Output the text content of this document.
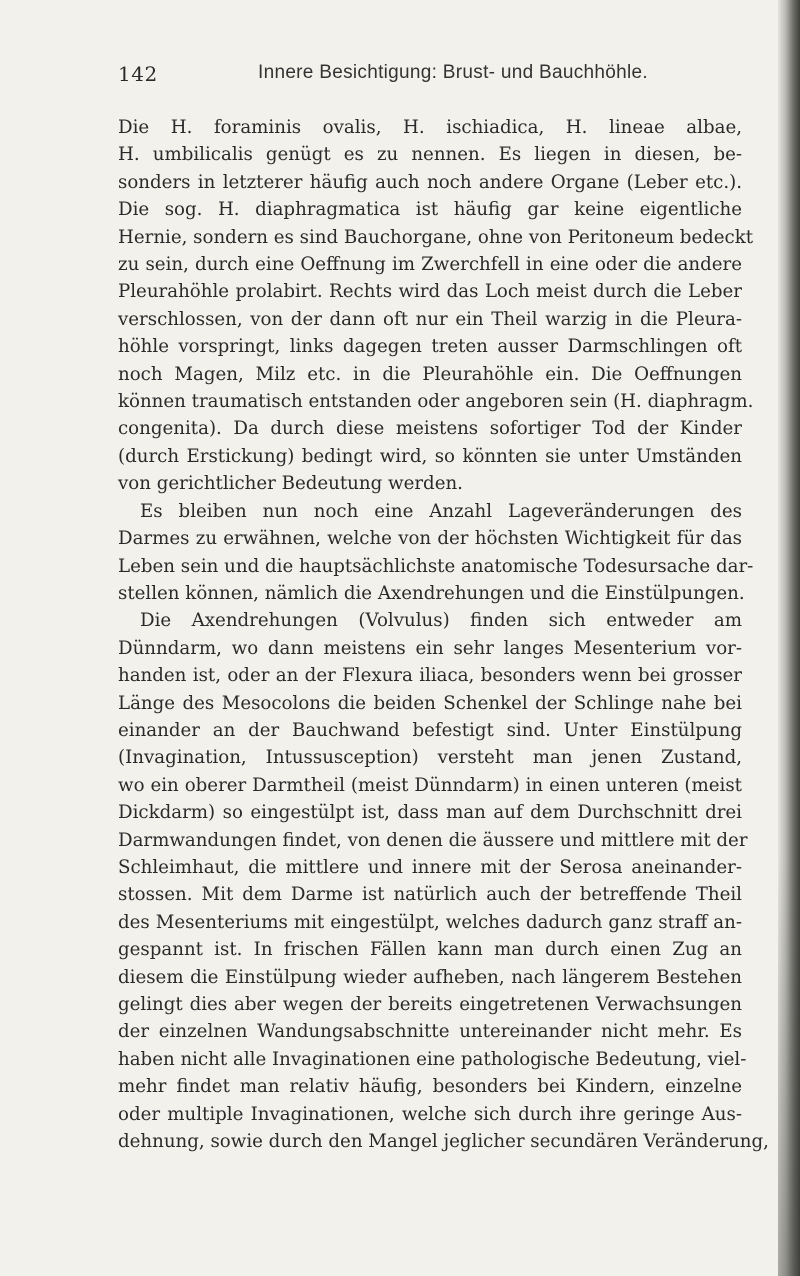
142	Innere Besichtigung: Brust- und Bauchhöhle.
Die H. foraminis ovalis, H. ischiadica, H. lineae albae,
H. umbilicalis genügt es zu nennen. Es liegen in diesen, be-
sonders in letzterer häufig auch noch andere Organe (Leber etc.).
Die sog. H. diaphragmatica ist häufig gar keine eigentliche
Hernie, sondern es sind Bauchorgane, ohne von Peritoneum bedeckt
zu sein, durch eine Oeffnung im Zwerchfell in eine oder die andere
Pleurahöhle prolabirt. Rechts wird das Loch meist durch die Leber
verschlossen, von der dann oft nur ein Theil warzig in die Pleura-
höhle vorspringt, links dagegen treten ausser Darmschlingen oft
noch Magen, Milz etc. in die Pleurahöhle ein. Die Oeffnungen
können traumatisch entstanden oder angeboren sein (H. diaphragm.
congenita). Da durch diese meistens sofortiger Tod der Kinder
(durch Erstickung) bedingt wird, so könnten sie unter Umständen
von gerichtlicher Bedeutung werden.
Es bleiben nun noch eine Anzahl Lageveränderungen des
Darmes zu erwähnen, welche von der höchsten Wichtigkeit für das
Leben sein und die hauptsächlichste anatomische Todesursache dar-
stellen können, nämlich die Axendrehungen und die Einstülpungen.
Die Axendrehungen (Volvulus) finden sich entweder am
Dünndarm, wo dann meistens ein sehr langes Mesenterium vor-
handen ist, oder an der Flexura iliaca, besonders wenn bei grosser
Länge des Mesocolons die beiden Schenkel der Schlinge nahe bei
einander an der Bauchwand befestigt sind. Unter Einstülpung
(Invagination, Intussusception) versteht man jenen Zustand,
wo ein oberer Darmtheil (meist Dünndarm) in einen unteren (meist
Dickdarm) so eingestülpt ist, dass man auf dem Durchschnitt drei
Darmwandungen findet, von denen die äussere und mittlere mit der
Schleimhaut, die mittlere und innere mit der Serosa aneinander-
stossen. Mit dem Darme ist natürlich auch der betreffende Theil
des Mesenteriums mit eingestülpt, welches dadurch ganz straff an-
gespannt ist. In frischen Fällen kann man durch einen Zug an
diesem die Einstülpung wieder aufheben, nach längerem Bestehen
gelingt dies aber wegen der bereits eingetretenen Verwachsungen
der einzelnen Wandungsabschnitte untereinander nicht mehr. Es
haben nicht alle Invaginationen eine pathologische Bedeutung, viel-
mehr findet man relativ häufig, besonders bei Kindern, einzelne
oder multiple Invaginationen, welche sich durch ihre geringe Aus-
dehnung, sowie durch den Mangel jeglicher secundären Veränderung,
